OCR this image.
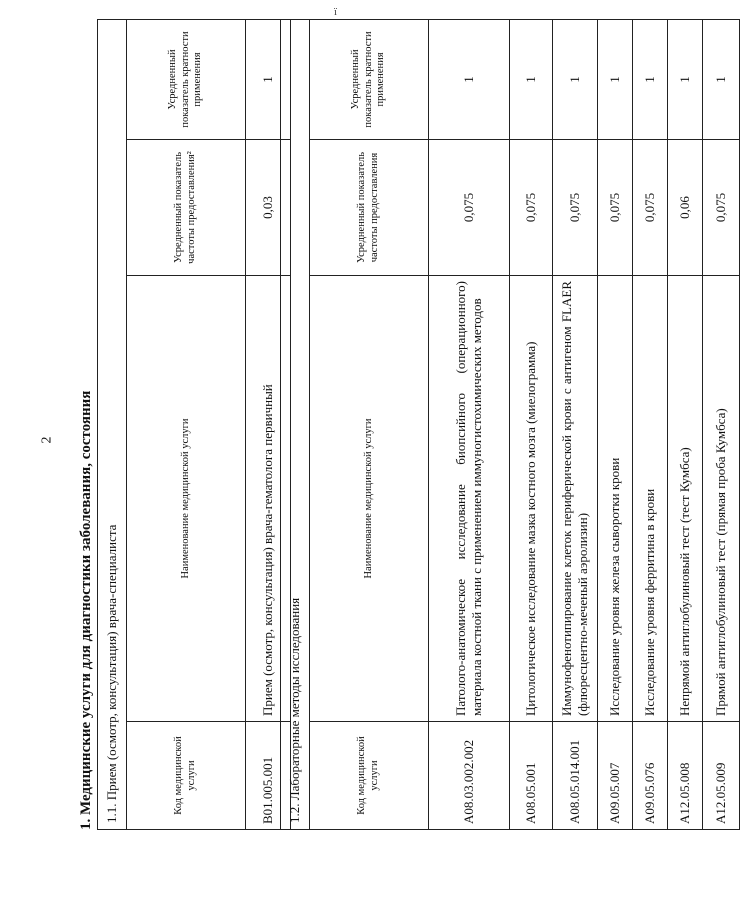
2
ї
1. Медицинские услуги для диагностики заболевания, состояния 1.1. Прием (осмотр, консультация) врача-специалиста			
Код медицинской услуги	Наименование медицинской услуги	Усредненный показатель частоты предоставления²	Усредненный показатель кратности применения
B01.005.001	Прием (осмотр, консультация) врача-гематолога первичный	0,03	1
1.2. Лабораторные методы исследования			
Код медицинской услуги	Наименование медицинской услуги	Усредненный показатель частоты предоставления	Усредненный показатель кратности применения
A08.03.002.002	Патолого-анатомическое исследование биопсийного (операционного) материала костной ткани с применением иммуногистохимических методов	0,075	1
A08.05.001	Цитологическое исследование мазка костного мозга (миелограмма)	0,075	1
A08.05.014.001	Иммунофенотипирование клеток периферической крови с антигеном FLAER (флюресцентно-меченый аэролизин)	0,075	1
A09.05.007	Исследование уровня железа сыворотки крови	0,075	1
A09.05.076	Исследование уровня ферритина в крови	0,075	1
A12.05.008	Непрямой антиглобулиновый тест (тест Кумбса)	0,06	1
A12.05.009	Прямой антиглобулиновый тест (прямая проба Кумбса)	0,075	1
